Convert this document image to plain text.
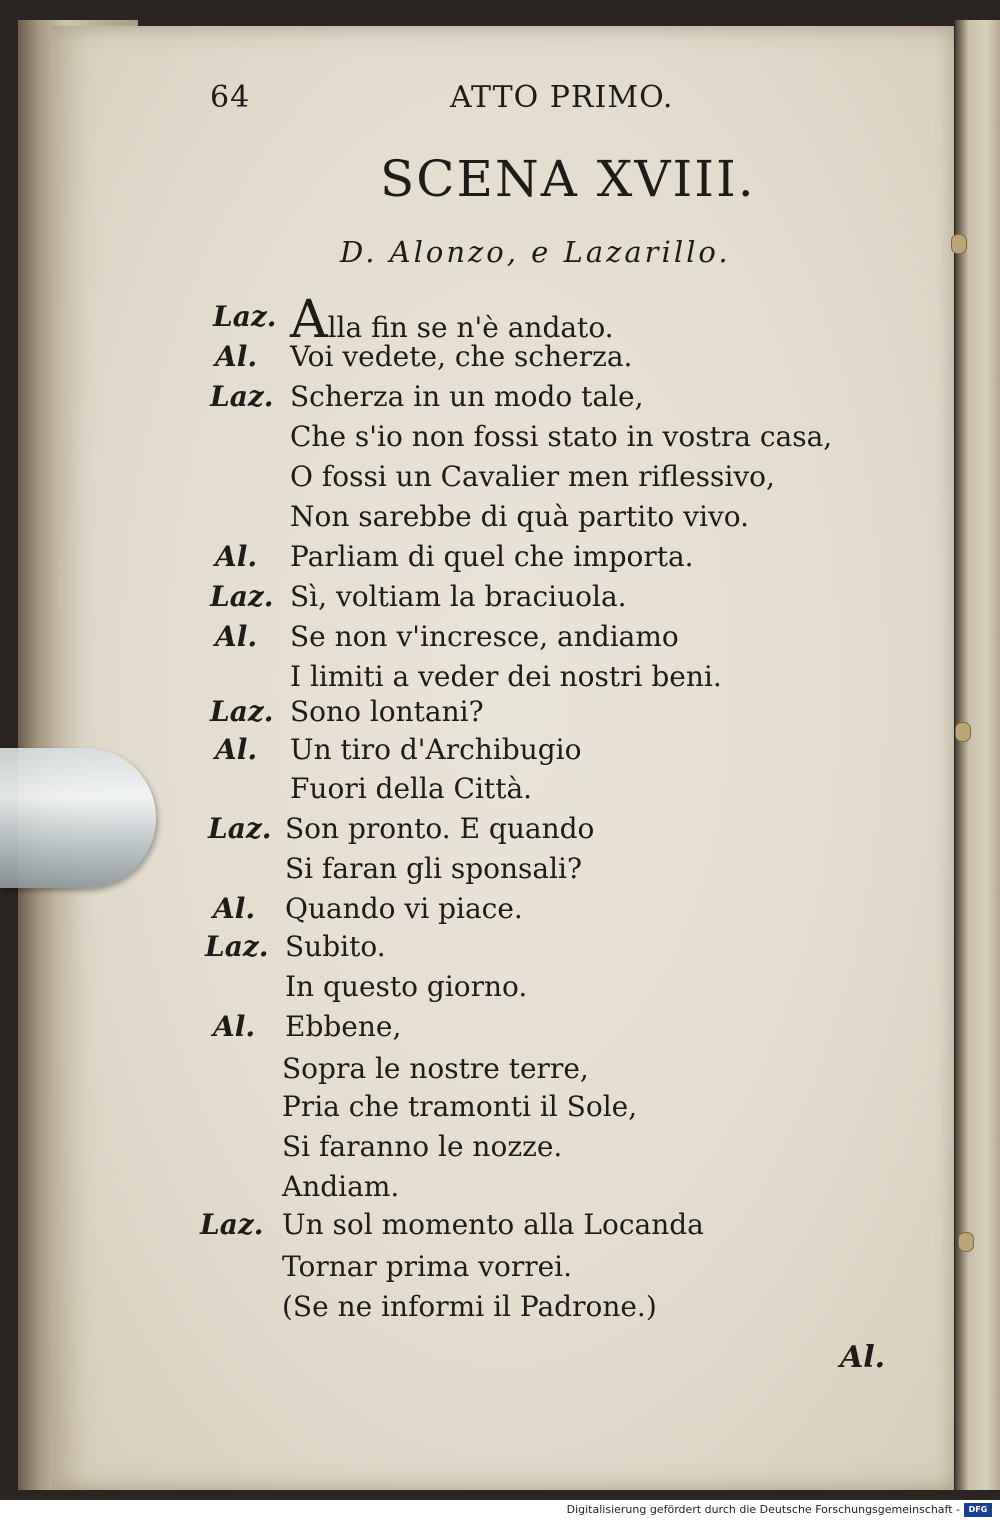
64	ATTO PRIMO.
SCENA XVIII.
D. Alonzo, e Lazarillo.
Laz. Alla fin se n'è andato.
Al. Voi vedete, che scherza.
Laz. Scherza in un modo tale,
Che s'io non fossi stato in vostra casa,
O fossi un Cavalier men riflessivo,
Non sarebbe di quà partito vivo.
Al. Parliam di quel che importa.
Laz. Sì, voltiam la braciuola.
Al. Se non v'incresce, andiamo
I limiti a veder dei nostri beni.
Laz. Sono lontani?
Al. Un tiro d'Archibugio
Fuori della Città.
Laz. Son pronto. E quando
Si faran gli sponsali?
Al. Quando vi piace.
Laz. Subito.
In questo giorno.
Al. Ebbene,
Sopra le nostre terre,
Pria che tramonti il Sole,
Si faranno le nozze.
Andiam.
Laz. Un sol momento alla Locanda
Tornar prima vorrei.
(Se ne informi il Padrone.)
Al.
Digitalisierung gefördert durch die Deutsche Forschungsgemeinschaft -	DFG
